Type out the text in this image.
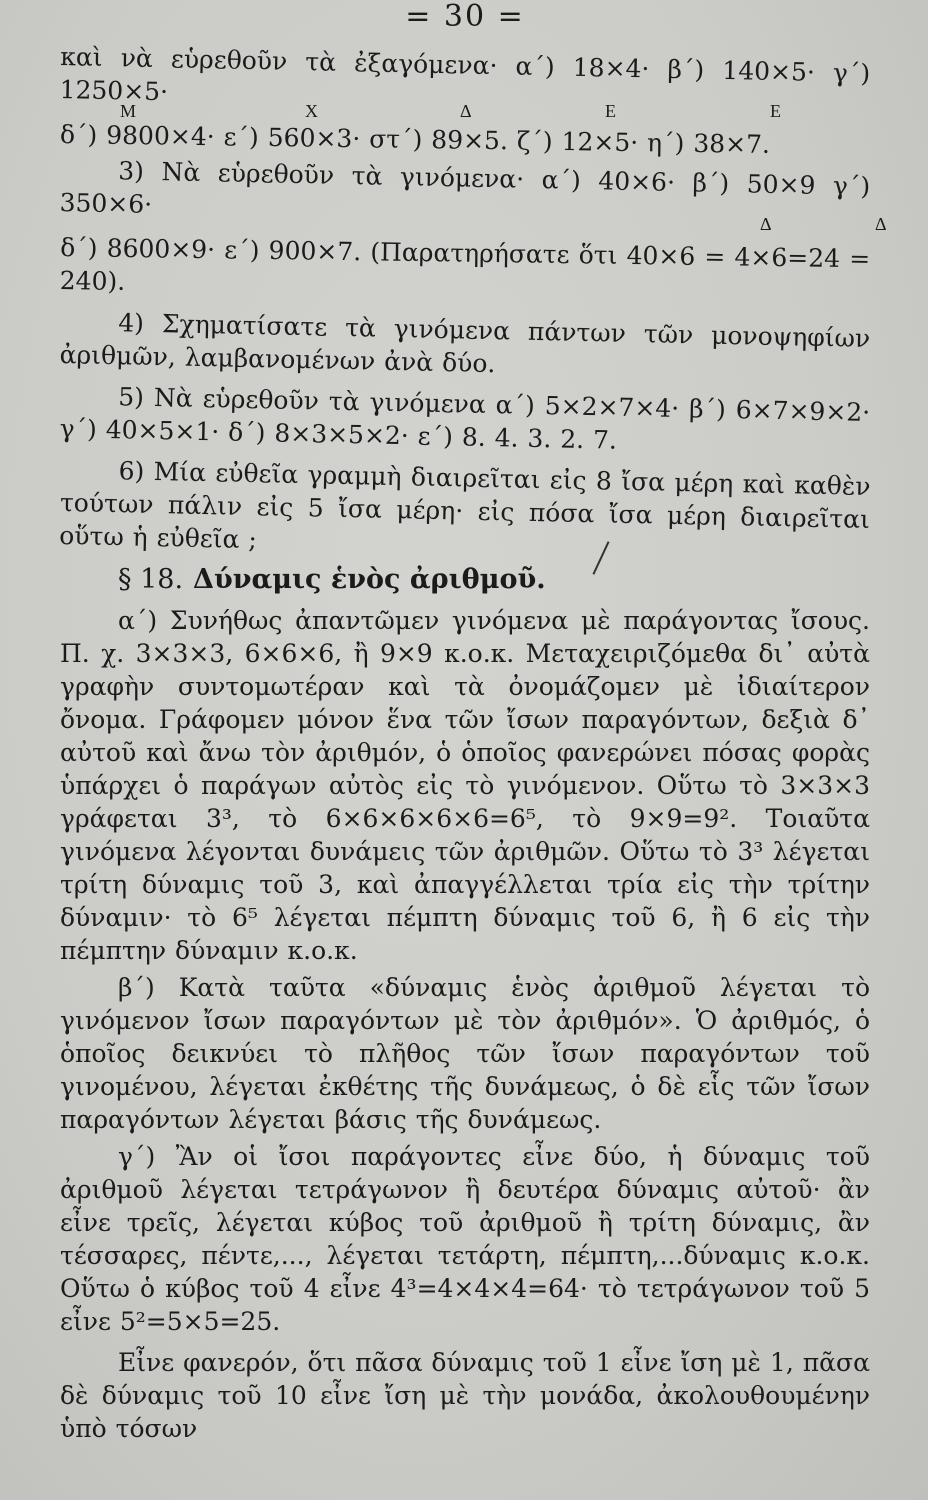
= 30 =

καὶ νὰ εὑρεθοῦν τὰ ἐξαγόμενα· α΄) 18×4· β΄) 140×5· γ΄) 1250×5·

M	X	Δ	E	E

δ΄) 9800×4· ε΄) 560×3· στ΄) 89×5. ζ΄) 12×5· η΄) 38×7.

3) Νὰ εὑρεθοῦν τὰ γινόμενα· α΄) 40×6· β΄) 50×9 γ΄) 350×6·

Δ	Δ

δ΄) 8600×9· ε΄) 900×7. (Παρατηρήσατε ὅτι 40×6 = 4×6=24 = 240).

4) Σχηματίσατε τὰ γινόμενα πάντων τῶν μονοψηφίων ἀριθμῶν, λαμβανομένων ἀνὰ δύο.

5) Νὰ εὑρεθοῦν τὰ γινόμενα α΄) 5×2×7×4· β΄) 6×7×9×2· γ΄) 40×5×1· δ΄) 8×3×5×2· ε΄) 8. 4. 3. 2. 7.

6) Μία εὐθεῖα γραμμὴ διαιρεῖται εἰς 8 ἴσα μέρη καὶ καθὲν τούτων πάλιν εἰς 5 ἴσα μέρη· εἰς πόσα ἴσα μέρη διαιρεῖται οὕτω ἡ εὐθεῖα ;

§ 18. Δύναμις ἑνὸς ἀριθμοῦ.

α΄) Συνήθως ἀπαντῶμεν γινόμενα μὲ παράγοντας ἴσους. Π. χ. 3×3×3, 6×6×6, ἢ 9×9 κ.ο.κ. Μεταχειριζόμεθα δι᾽ αὐτὰ γραφὴν συντομωτέραν καὶ τὰ ὀνομάζομεν μὲ ἰδιαίτερον ὄνομα. Γράφομεν μόνον ἕνα τῶν ἴσων παραγόντων, δεξιὰ δ᾽ αὐτοῦ καὶ ἄνω τὸν ἀριθμόν, ὁ ὁποῖος φανερώνει πόσας φορὰς ὑπάρχει ὁ παράγων αὐτὸς εἰς τὸ γινόμενον. Οὕτω τὸ 3×3×3 γράφεται 3³, τὸ 6×6×6×6×6=6⁵, τὸ 9×9=9². Τοιαῦτα γινόμενα λέγονται δυνάμεις τῶν ἀριθμῶν. Οὕτω τὸ 3³ λέγεται τρίτη δύναμις τοῦ 3, καὶ ἀπαγγέλλεται τρία εἰς τὴν τρίτην δύναμιν· τὸ 6⁵ λέγεται πέμπτη δύναμις τοῦ 6, ἢ 6 εἰς τὴν πέμπτην δύναμιν κ.ο.κ.

β΄) Κατὰ ταῦτα «δύναμις ἑνὸς ἀριθμοῦ λέγεται τὸ γινόμενον ἴσων παραγόντων μὲ τὸν ἀριθμόν». Ὁ ἀριθμός, ὁ ὁποῖος δεικνύει τὸ πλῆθος τῶν ἴσων παραγόντων τοῦ γινομένου, λέγεται ἐκθέτης τῆς δυνάμεως, ὁ δὲ εἷς τῶν ἴσων παραγόντων λέγεται βάσις τῆς δυνάμεως.

γ΄) Ἂν οἱ ἴσοι παράγοντες εἶνε δύο, ἡ δύναμις τοῦ ἀριθμοῦ λέγεται τετράγωνον ἢ δευτέρα δύναμις αὐτοῦ· ἂν εἶνε τρεῖς, λέγεται κύβος τοῦ ἀριθμοῦ ἢ τρίτη δύναμις, ἂν τέσσαρες, πέντε,..., λέγεται τετάρτη, πέμπτη,...δύναμις κ.ο.κ. Οὕτω ὁ κύβος τοῦ 4 εἶνε 4³=4×4×4=64· τὸ τετράγωνον τοῦ 5 εἶνε 5²=5×5=25.

Εἶνε φανερόν, ὅτι πᾶσα δύναμις τοῦ 1 εἶνε ἴση μὲ 1, πᾶσα δὲ δύναμις τοῦ 10 εἶνε ἴση μὲ τὴν μονάδα, ἀκολουθουμένην ὑπὸ τόσων
